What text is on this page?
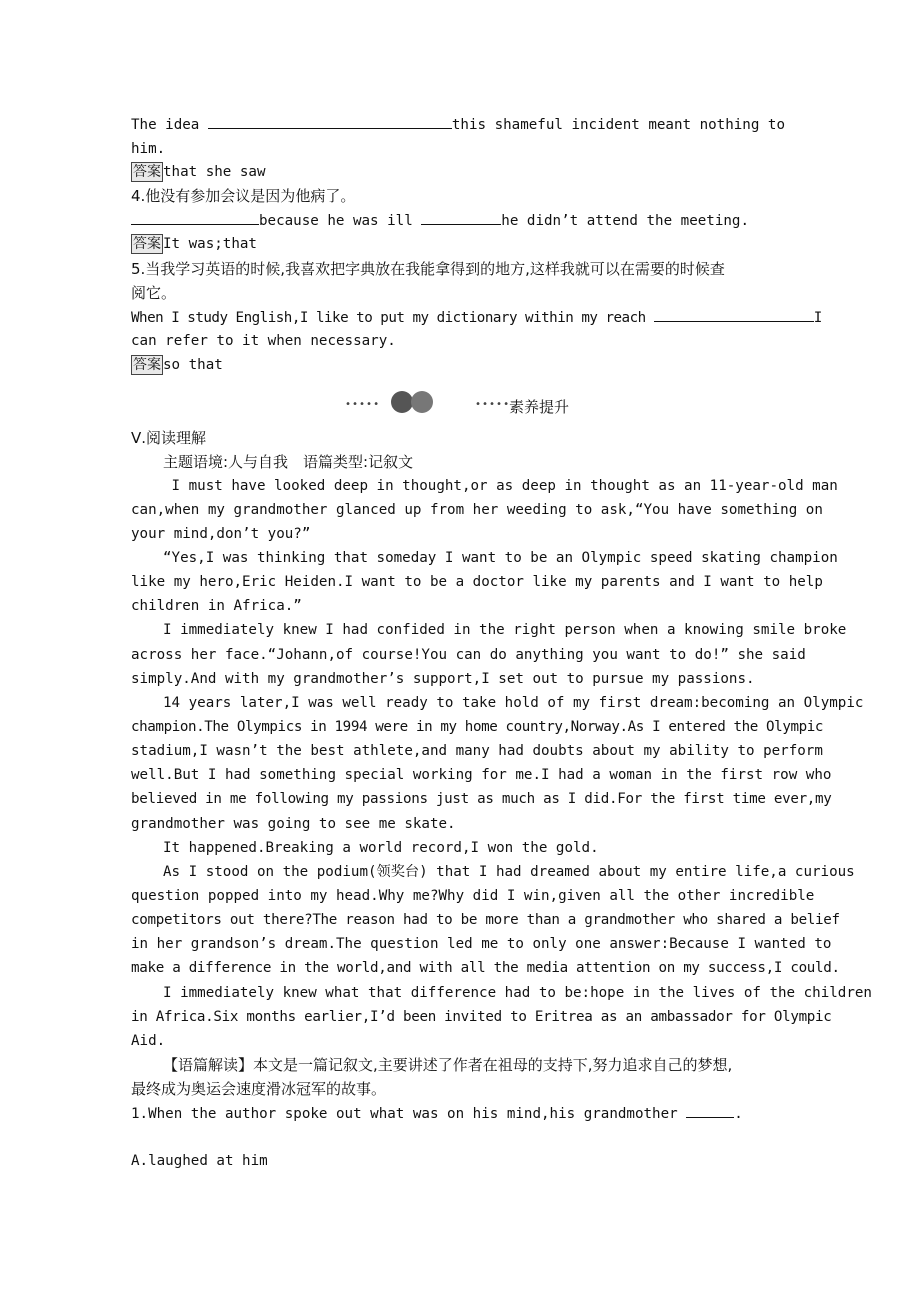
The idea	this shameful incident meant nothing to
him.
答案 that she saw
4.他没有参加会议是因为他病了。
because he was ill	he didn’t attend the meeting.
答案 It was;that
5.当我学习英语的时候,我喜欢把字典放在我能拿得到的地方,这样我就可以在需要的时候查
阅它。
When I study English,I like to put my dictionary within my reach	I
can refer to it when necessary.
答案 so that
•••••	•••••
素养提升
Ⅴ.阅读理解
主题语境:人与自我　语篇类型:记叙文
I must have looked deep in thought,or as deep in thought as an 11-year-old man
can,when my grandmother glanced up from her weeding to ask,“You have something on
your mind,don’t you?”
“Yes,I was thinking that someday I want to be an Olympic speed skating champion
like my hero,Eric Heiden.I want to be a doctor like my parents and I want to help
children in Africa.”
I immediately knew I had confided in the right person when a knowing smile broke
across her face.“Johann,of course!You can do anything you want to do!” she said
simply.And with my grandmother’s support,I set out to pursue my passions.
14 years later,I was well ready to take hold of my first dream:becoming an Olympic
champion.The Olympics in 1994 were in my home country,Norway.As I entered the Olympic
stadium,I wasn’t the best athlete,and many had doubts about my ability to perform
well.But I had something special working for me.I had a woman in the first row who
believed in me following my passions just as much as I did.For the first time ever,my
grandmother was going to see me skate.
It happened.Breaking a world record,I won the gold.
As I stood on the podium(领奖台) that I had dreamed about my entire life,a curious
question popped into my head.Why me?Why did I win,given all the other incredible
competitors out there?The reason had to be more than a grandmother who shared a belief
in her grandson’s dream.The question led me to only one answer:Because I wanted to
make a difference in the world,and with all the media attention on my success,I could.
I immediately knew what that difference had to be:hope in the lives of the children
in Africa.Six months earlier,I’d been invited to Eritrea as an ambassador for Olympic
Aid.
【语篇解读】本文是一篇记叙文,主要讲述了作者在祖母的支持下,努力追求自己的梦想,
最终成为奥运会速度滑冰冠军的故事。
1.When the author spoke out what was on his mind,his grandmother	.
A.laughed at him
